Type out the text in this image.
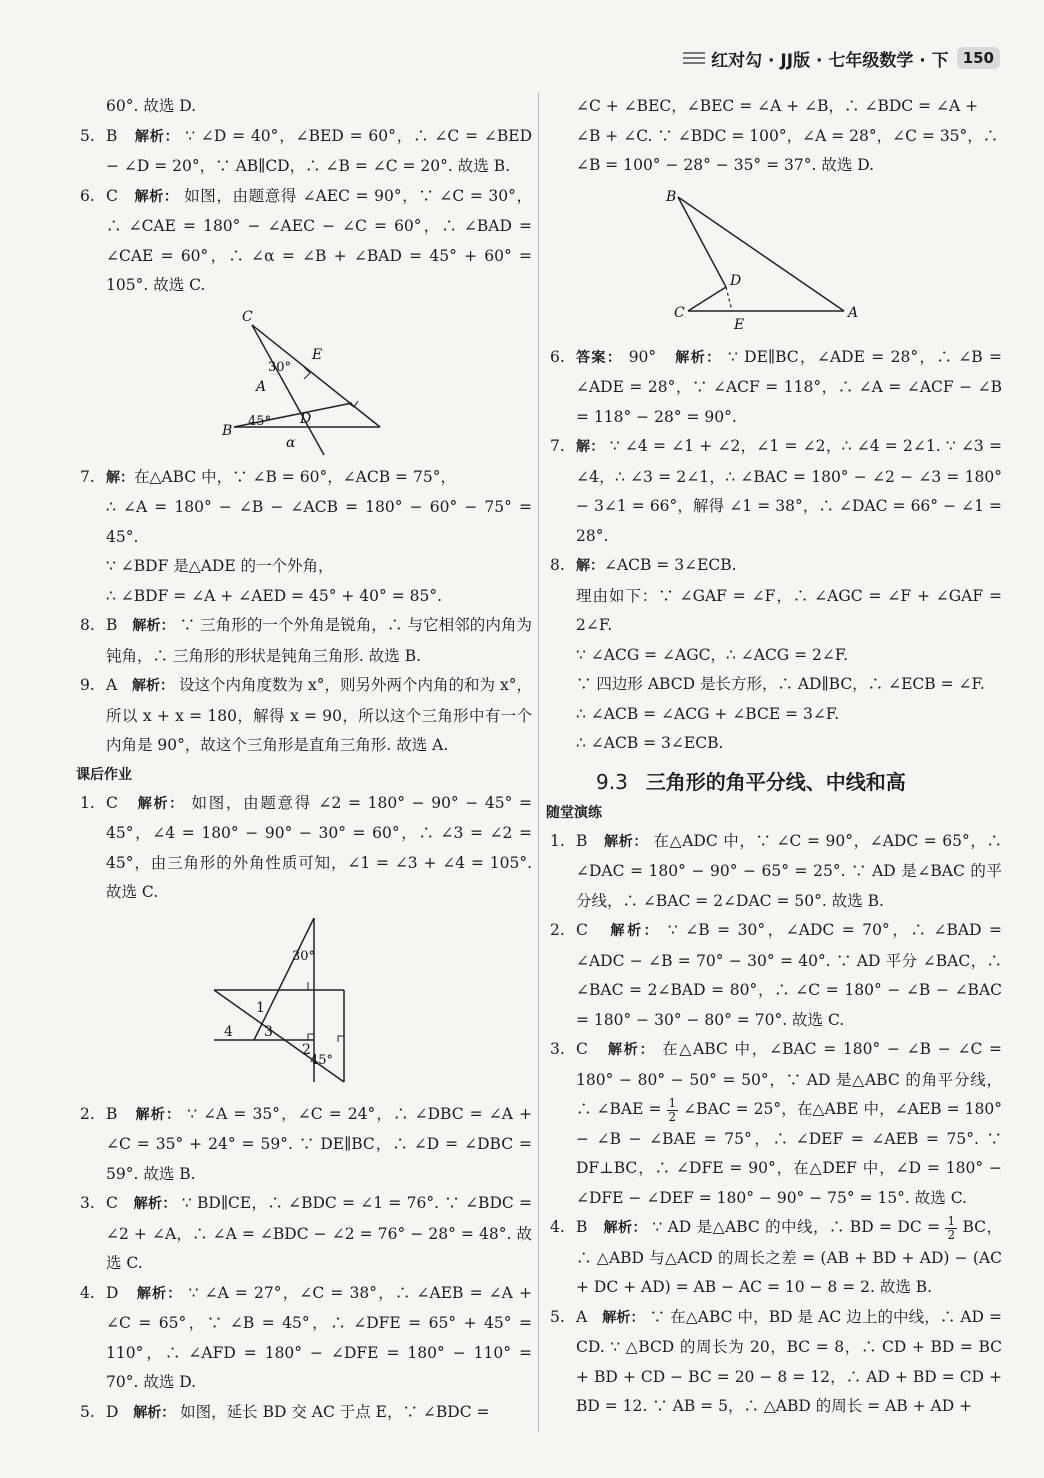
红对勾 · JJ版 · 七年级数学 · 下 150
60°. 故选 D.
5. B 解析： ∵ ∠D = 40°，∠BED = 60°，∴ ∠C = ∠BED − ∠D = 20°，∵ AB∥CD，∴ ∠B = ∠C = 20°. 故选 B.
6. C 解析： 如图，由题意得 ∠AEC = 90°，∵ ∠C = 30°，∴ ∠CAE = 180° − ∠AEC − ∠C = 60°，∴ ∠BAD = ∠CAE = 60°，∴ ∠α = ∠B + ∠BAD = 45° + 60° = 105°. 故选 C.
C
E
A
B
D
α
30°
45°
7. 解：在△ABC 中，∵ ∠B = 60°，∠ACB = 75°，
∴ ∠A = 180° − ∠B − ∠ACB = 180° − 60° − 75° = 45°.
∵ ∠BDF 是△ADE 的一个外角，
∴ ∠BDF = ∠A + ∠AED = 45° + 40° = 85°.
8. B 解析： ∵ 三角形的一个外角是锐角，∴ 与它相邻的内角为钝角，∴ 三角形的形状是钝角三角形. 故选 B.
9. A 解析： 设这个内角度数为 x°，则另外两个内角的和为 x°，所以 x + x = 180，解得 x = 90，所以这个三角形中有一个内角是 90°，故这个三角形是直角三角形. 故选 A.
课后作业
1. C 解析： 如图，由题意得 ∠2 = 180° − 90° − 45° = 45°，∠4 = 180° − 90° − 30° = 60°，∴ ∠3 = ∠2 = 45°，由三角形的外角性质可知，∠1 = ∠3 + ∠4 = 105°. 故选 C.
30°
1
4 3
2
45°
2. B 解析： ∵ ∠A = 35°，∠C = 24°，∴ ∠DBC = ∠A + ∠C = 35° + 24° = 59°. ∵ DE∥BC，∴ ∠D = ∠DBC = 59°. 故选 B.
3. C 解析： ∵ BD∥CE，∴ ∠BDC = ∠1 = 76°. ∵ ∠BDC = ∠2 + ∠A，∴ ∠A = ∠BDC − ∠2 = 76° − 28° = 48°. 故选 C.
4. D 解析： ∵ ∠A = 27°，∠C = 38°，∴ ∠AEB = ∠A + ∠C = 65°，∵ ∠B = 45°，∴ ∠DFE = 65° + 45° = 110°，∴ ∠AFD = 180° − ∠DFE = 180° − 110° = 70°. 故选 D.
5. D 解析： 如图，延长 BD 交 AC 于点 E，∵ ∠BDC =
∠C + ∠BEC，∠BEC = ∠A + ∠B，∴ ∠BDC = ∠A + ∠B + ∠C. ∵ ∠BDC = 100°，∠A = 28°，∠C = 35°，∴ ∠B = 100° − 28° − 35° = 37°. 故选 D.
B
D
C
E
A
6. 答案： 90° 解析： ∵ DE∥BC，∠ADE = 28°，∴ ∠B = ∠ADE = 28°，∵ ∠ACF = 118°，∴ ∠A = ∠ACF − ∠B = 118° − 28° = 90°.
7. 解： ∵ ∠4 = ∠1 + ∠2，∠1 = ∠2，∴ ∠4 = 2∠1. ∵ ∠3 = ∠4，∴ ∠3 = 2∠1，∴ ∠BAC = 180° − ∠2 − ∠3 = 180° − 3∠1 = 66°，解得 ∠1 = 38°，∴ ∠DAC = 66° − ∠1 = 28°.
8. 解：∠ACB = 3∠ECB.
理由如下：∵ ∠GAF = ∠F，∴ ∠AGC = ∠F + ∠GAF = 2∠F.
∵ ∠ACG = ∠AGC，∴ ∠ACG = 2∠F.
∵ 四边形 ABCD 是长方形，∴ AD∥BC，∴ ∠ECB = ∠F.
∴ ∠ACB = ∠ACG + ∠BCE = 3∠F.
∴ ∠ACB = 3∠ECB.
9.3 三角形的角平分线、中线和高
随堂演练
1. B 解析： 在△ADC 中，∵ ∠C = 90°，∠ADC = 65°，∴ ∠DAC = 180° − 90° − 65° = 25°. ∵ AD 是∠BAC 的平分线，∴ ∠BAC = 2∠DAC = 50°. 故选 B.
2. C 解析： ∵ ∠B = 30°，∠ADC = 70°，∴ ∠BAD = ∠ADC − ∠B = 70° − 30° = 40°. ∵ AD 平分 ∠BAC，∴ ∠BAC = 2∠BAD = 80°，∴ ∠C = 180° − ∠B − ∠BAC = 180° − 30° − 80° = 70°. 故选 C.
3. C 解析： 在△ABC 中，∠BAC = 180° − ∠B − ∠C = 180° − 80° − 50° = 50°，∵ AD 是△ABC 的角平分线，∴ ∠BAE = $\frac{1}{2}$ ∠BAC = 25°，在△ABE 中，∠AEB = 180° − ∠B − ∠BAE = 75°，∴ ∠DEF = ∠AEB = 75°. ∵ DF⊥BC，∴ ∠DFE = 90°，在△DEF 中，∠D = 180° − ∠DFE − ∠DEF = 180° − 90° − 75° = 15°. 故选 C.
4. B 解析： ∵ AD 是△ABC 的中线，∴ BD = DC = $\frac{1}{2}$ BC，∴ △ABD 与△ACD 的周长之差 = (AB + BD + AD) − (AC + DC + AD) = AB − AC = 10 − 8 = 2. 故选 B.
5. A 解析： ∵ 在△ABC 中，BD 是 AC 边上的中线，∴ AD = CD. ∵ △BCD 的周长为 20，BC = 8，∴ CD + BD = BC + BD + CD − BC = 20 − 8 = 12，∴ AD + BD = CD + BD = 12. ∵ AB = 5，∴ △ABD 的周长 = AB + AD +
